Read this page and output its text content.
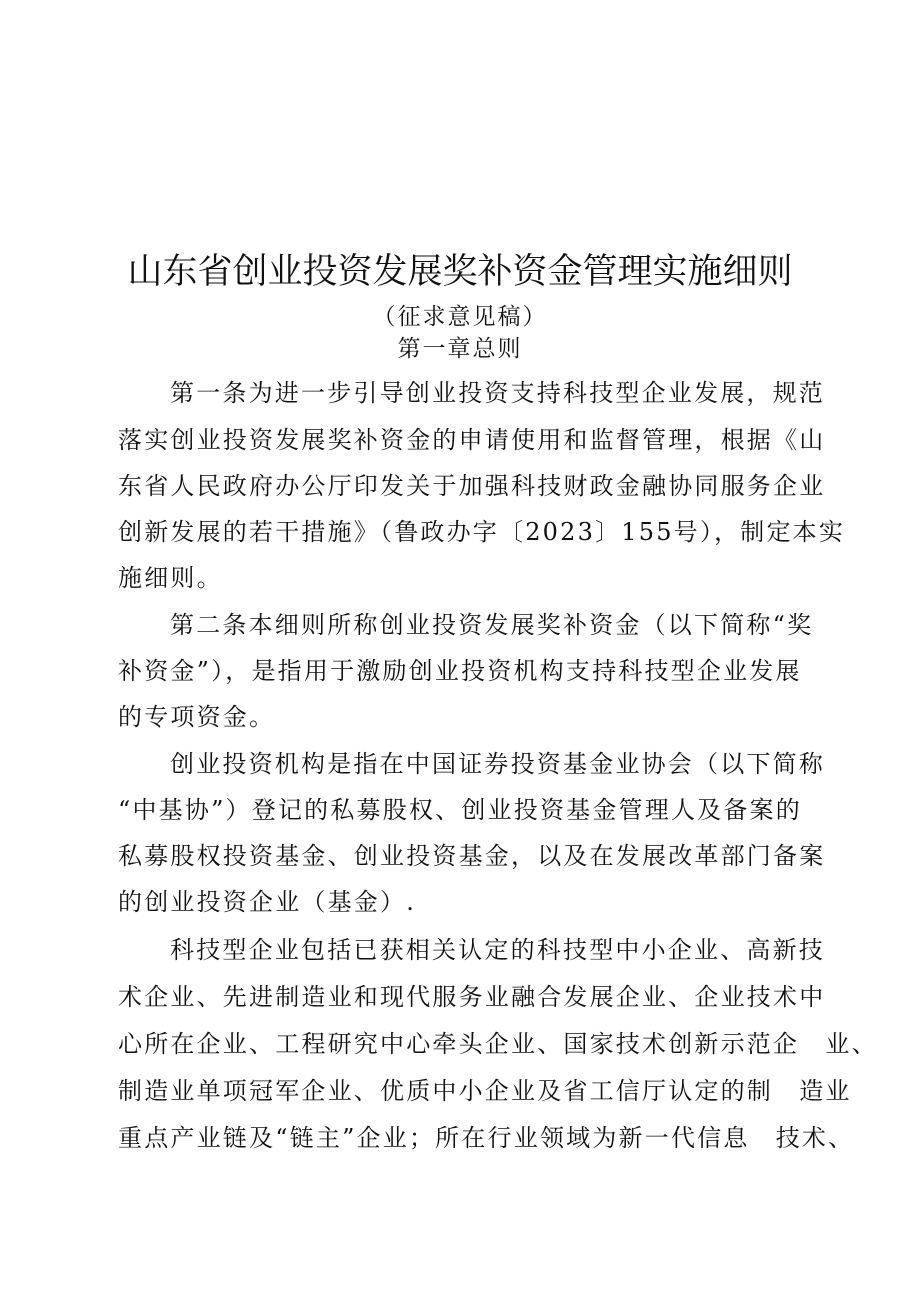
山东省创业投资发展奖补资金管理实施细则
（征求意见稿）
第一章总则
第一条为进一步引导创业投资支持科技型企业发展，规范
落实创业投资发展奖补资金的申请使用和监督管理，根据《山
东省人民政府办公厅印发关于加强科技财政金融协同服务企业
创新发展的若干措施》（鲁政办字〔2023〕155号），制定本实
施细则。
第二条本细则所称创业投资发展奖补资金（以下简称“奖
补资金”），是指用于激励创业投资机构支持科技型企业发展
的专项资金。
创业投资机构是指在中国证券投资基金业协会（以下简称
“中基协”）登记的私募股权、创业投资基金管理人及备案的
私募股权投资基金、创业投资基金，以及在发展改革部门备案
的创业投资企业（基金）.
科技型企业包括已获相关认定的科技型中小企业、高新技
术企业、先进制造业和现代服务业融合发展企业、企业技术中
心所在企业、工程研究中心牵头企业、国家技术创新示范企　业、
制造业单项冠军企业、优质中小企业及省工信厅认定的制　造业
重点产业链及“链主”企业；所在行业领域为新一代信息　技术、
